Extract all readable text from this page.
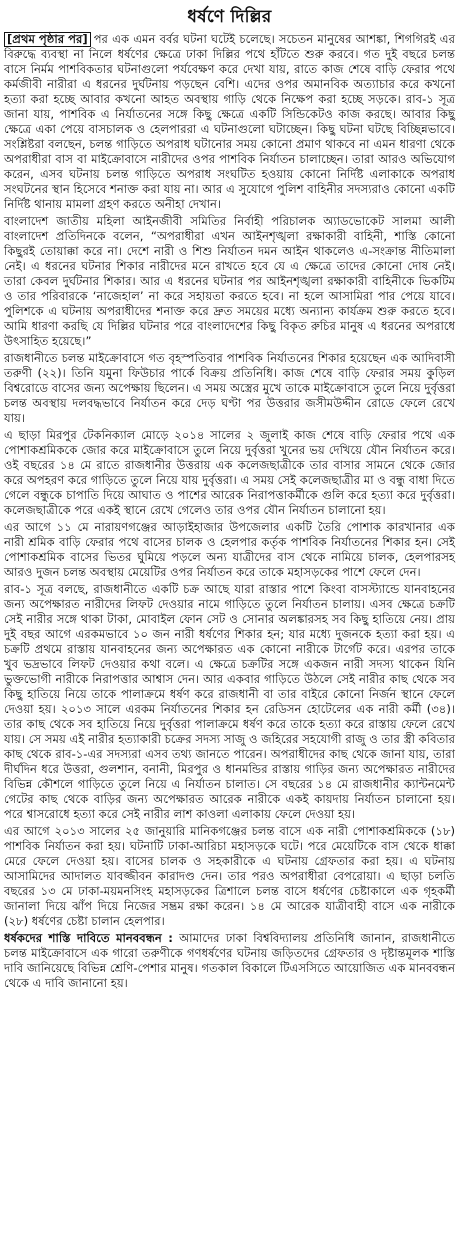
ধর্ষণে দিল্লির

[প্রথম পৃষ্ঠার পর] পর এক এমন বর্বর ঘটনা ঘটেই চলেছে। সচেতন মানুষের আশঙ্কা, শিগগিরই এর বিরুদ্ধে ব্যবস্থা না নিলে ধর্ষণের ক্ষেত্রে ঢাকা দিল্লির পথে হাঁটতে শুরু করবে। গত দুই বছরে চলন্ত বাসে নির্মম পাশবিকতার ঘটনাগুলো পর্যবেক্ষণ করে দেখা যায়, রাতে কাজ শেষে বাড়ি ফেরার পথে কর্মজীবী নারীরা এ ধরনের দুর্ঘটনায় পড়ছেন বেশি। এদের ওপর অমানবিক অত্যাচার করে কখনো হত্যা করা হচ্ছে আবার কখনো আহত অবস্থায় গাড়ি থেকে নিক্ষেপ করা হচ্ছে সড়কে। রাব-১ সূত্র জানা যায়, পাশবিক এ নির্যাতনের সঙ্গে কিছু ক্ষেত্রে একটি সিন্ডিকেটও কাজ করছে। আবার কিছু ক্ষেত্রে একা পেয়ে বাসচালক ও হেলপাররা এ ঘটনাগুলো ঘটাচ্ছেন। কিছু ঘটনা ঘটছে বিচ্ছিন্নভাবে। সংশ্লিষ্টরা বলছেন, চলন্ত গাড়িতে অপরাধ ঘটানোর সময় কোনো প্রমাণ থাকবে না এমন ধারণা থেকে অপরাধীরা বাস বা মাইক্রোবাসে নারীদের ওপর পাশবিক নির্যাতন চালাচ্ছেন। তারা আরও অভিযোগ করেন, এসব ঘটনায় চলন্ত গাড়িতে অপরাধ সংঘটিত হওয়ায় কোনো নির্দিষ্ট এলাকাকে অপরাধ সংঘটনের স্থান হিসেবে শনাক্ত করা যায় না। আর এ সুযোগে পুলিশ বাহিনীর সদস্যরাও কোনো একটি নির্দিষ্ট থানায় মামলা গ্রহণ করতে অনীহা দেখান।

বাংলাদেশ জাতীয় মহিলা আইনজীবী সমিতির নির্বাহী পরিচালক অ্যাডভোকেট সালমা আলী বাংলাদেশ প্রতিদিনকে বলেন, “অপরাধীরা এখন আইনশৃঙ্খলা রক্ষাকারী বাহিনী, শাস্তি কোনো কিছুরই তোয়াক্কা করে না। দেশে নারী ও শিশু নির্যাতন দমন আইন থাকলেও এ-সংক্রান্ত নীতিমালা নেই। এ ধরনের ঘটনার শিকার নারীদের মনে রাখতে হবে যে এ ক্ষেত্রে তাদের কোনো দোষ নেই। তারা কেবল দুর্ঘটনার শিকার। আর এ ধরনের ঘটনার পর আইনশৃঙ্খলা রক্ষাকারী বাহিনীকে ভিকটিম ও তার পরিবারকে ‘নাজেহাল’ না করে সহায়তা করতে হবে। না হলে আসামিরা পার পেয়ে যাবে। পুলিশকে এ ঘটনায় অপরাধীদের শনাক্ত করে দ্রুত সময়ের মধ্যে অন্যান্য কার্যক্রম শুরু করতে হবে। আমি ধারণা করছি যে দিল্লির ঘটনার পরে বাংলাদেশের কিছু বিকৃত রুচির মানুষ এ ধরনের অপরাধে উৎসাহিত হয়েছে।”

রাজধানীতে চলন্ত মাইক্রোবাসে গত বৃহস্পতিবার পাশবিক নির্যাতনের শিকার হয়েছেন এক আদিবাসী তরুণী (২২)। তিনি যমুনা ফিউচার পার্কে বিক্রয় প্রতিনিধি। কাজ শেষে বাড়ি ফেরার সময় কুড়িল বিশ্বরোডে বাসের জন্য অপেক্ষায় ছিলেন। এ সময় অস্ত্রের মুখে তাকে মাইক্রোবাসে তুলে নিয়ে দুর্বৃত্তরা চলন্ত অবস্থায় দলবদ্ধভাবে নির্যাতন করে দেড় ঘণ্টা পর উত্তরার জসীমউদ্দীন রোডে ফেলে রেখে যায়।

এ ছাড়া মিরপুর টেকনিক্যাল মোড়ে ২০১৪ সালের ২ জুলাই কাজ শেষে বাড়ি ফেরার পথে এক পোশাকশ্রমিককে জোর করে মাইক্রোবাসে তুলে নিয়ে দুর্বৃত্তরা খুনের ভয় দেখিয়ে যৌন নির্যাতন করে। ওই বছরের ১৪ মে রাতে রাজধানীর উত্তরায় এক কলেজছাত্রীকে তার বাসার সামনে থেকে জোর করে অপহরণ করে গাড়িতে তুলে নিয়ে যায় দুর্বৃত্তরা। এ সময় সেই কলেজছাত্রীর মা ও বন্ধু বাধা দিতে গেলে বন্ধুকে চাপাতি দিয়ে আঘাত ও পাশের আরেক নিরাপত্তাকর্মীকে গুলি করে হত্যা করে দুর্বৃত্তরা। কলেজছাত্রীকে পরে একই স্থানে রেখে গেলেও তার ওপর যৌন নির্যাতন চালানো হয়।

এর আগে ১১ মে নারায়ণগঞ্জের আড়াইহাজার উপজেলার একটি তৈরি পোশাক কারখানার এক নারী শ্রমিক বাড়ি ফেরার পথে বাসের চালক ও হেলপার কর্তৃক পাশবিক নির্যাতনের শিকার হন। সেই পোশাকশ্রমিক বাসের ভিতর ঘুমিয়ে পড়লে অন্য যাত্রীদের বাস থেকে নামিয়ে চালক, হেলপারসহ আরও দুজন চলন্ত অবস্থায় মেয়েটির ওপর নির্যাতন করে তাকে মহাসড়কের পাশে ফেলে দেন।

রাব-১ সূত্র বলছে, রাজধানীতে একটি চক্র আছে যারা রাস্তার পাশে কিংবা বাসস্ট্যান্ডে যানবাহনের জন্য অপেক্ষারত নারীদের লিফট দেওয়ার নামে গাড়িতে তুলে নির্যাতন চালায়। এসব ক্ষেত্রে চক্রটি সেই নারীর সঙ্গে থাকা টাকা, মোবাইল ফোন সেট ও সোনার অলঙ্কারসহ সব কিছু হাতিয়ে নেয়। প্রায় দুই বছর আগে এরকমভাবে ১০ জন নারী ধর্ষণের শিকার হন; যার মধ্যে দুজনকে হত্যা করা হয়। এ চক্রটি প্রথমে রাস্তায় যানবাহনের জন্য অপেক্ষারত এক কোনো নারীকে টার্গেট করে। এরপর তাকে খুব ভদ্রভাবে লিফট দেওয়ার কথা বলে। এ ক্ষেত্রে চক্রটির সঙ্গে একজন নারী সদস্য থাকেন যিনি ভুক্তভোগী নারীকে নিরাপত্তার আশ্বাস দেন। আর একবার গাড়িতে উঠলে সেই নারীর কাছ থেকে সব কিছু হাতিয়ে নিয়ে তাকে পালাক্রমে ধর্ষণ করে রাজধানী বা তার বাইরে কোনো নির্জন স্থানে ফেলে দেওয়া হয়। ২০১৩ সালে এরকম নির্যাতনের শিকার হন রেডিসন হোটেলের এক নারী কর্মী (৩৪)। তার কাছ থেকে সব হাতিয়ে নিয়ে দুর্বৃত্তরা পালাক্রমে ধর্ষণ করে তাকে হত্যা করে রাস্তায় ফেলে রেখে যায়। সে সময় এই নারীর হত্যাকারী চক্রের সদস্য সাজু ও জহিরের সহযোগী রাজু ও তার স্ত্রী কবিতার কাছ থেকে রাব-১-এর সদস্যরা এসব তথ্য জানতে পারেন। অপরাধীদের কাছ থেকে জানা যায়, তারা দীর্ঘদিন ধরে উত্তরা, গুলশান, বনানী, মিরপুর ও ধানমন্ডির রাস্তায় গাড়ির জন্য অপেক্ষারত নারীদের বিভিন্ন কৌশলে গাড়িতে তুলে নিয়ে এ নির্যাতন চালাত। সে বছরের ১৪ মে রাজধানীর ক্যান্টনমেন্ট গেটের কাছ থেকে বাড়ির জন্য অপেক্ষারত আরেক নারীকে একই কায়দায় নির্যাতন চালানো হয়। পরে শ্বাসরোধে হত্যা করে সেই নারীর লাশ কাওলা এলাকায় ফেলে দেওয়া হয়।

এর আগে ২০১৩ সালের ২৫ জানুয়ারি মানিকগঞ্জের চলন্ত বাসে এক নারী পোশাকশ্রমিককে (১৮) পাশবিক নির্যাতন করা হয়। ঘটনাটি ঢাকা-আরিচা মহাসড়কে ঘটে। পরে মেয়েটিকে বাস থেকে ধাক্কা মেরে ফেলে দেওয়া হয়। বাসের চালক ও সহকারীকে এ ঘটনায় গ্রেফতার করা হয়। এ ঘটনায় আসামিদের আদালত যাবজ্জীবন কারাদণ্ড দেন। তার পরও অপরাধীরা বেপরোয়া। এ ছাড়া চলতি বছরের ১৩ মে ঢাকা-ময়মনসিংহ মহাসড়কের ত্রিশালে চলন্ত বাসে ধর্ষণের চেষ্টাকালে এক গৃহকর্মী জানালা দিয়ে ঝাঁপ দিয়ে নিজের সম্ভ্রম রক্ষা করেন। ১৪ মে আরেক যাত্রীবাহী বাসে এক নারীকে (২৮) ধর্ষণের চেষ্টা চালান হেলপার।

ধর্ষকদের শাস্তি দাবিতে মানববন্ধন : আমাদের ঢাকা বিশ্ববিদ্যালয় প্রতিনিধি জানান, রাজধানীতে চলন্ত মাইক্রোবাসে এক গারো তরুণীকে গণধর্ষণের ঘটনায় জড়িতদের গ্রেফতার ও দৃষ্টান্তমূলক শাস্তি দাবি জানিয়েছে বিভিন্ন শ্রেণি-পেশার মানুষ। গতকাল বিকালে টিএসসিতে আয়োজিত এক মানববন্ধন থেকে এ দাবি জানানো হয়।
